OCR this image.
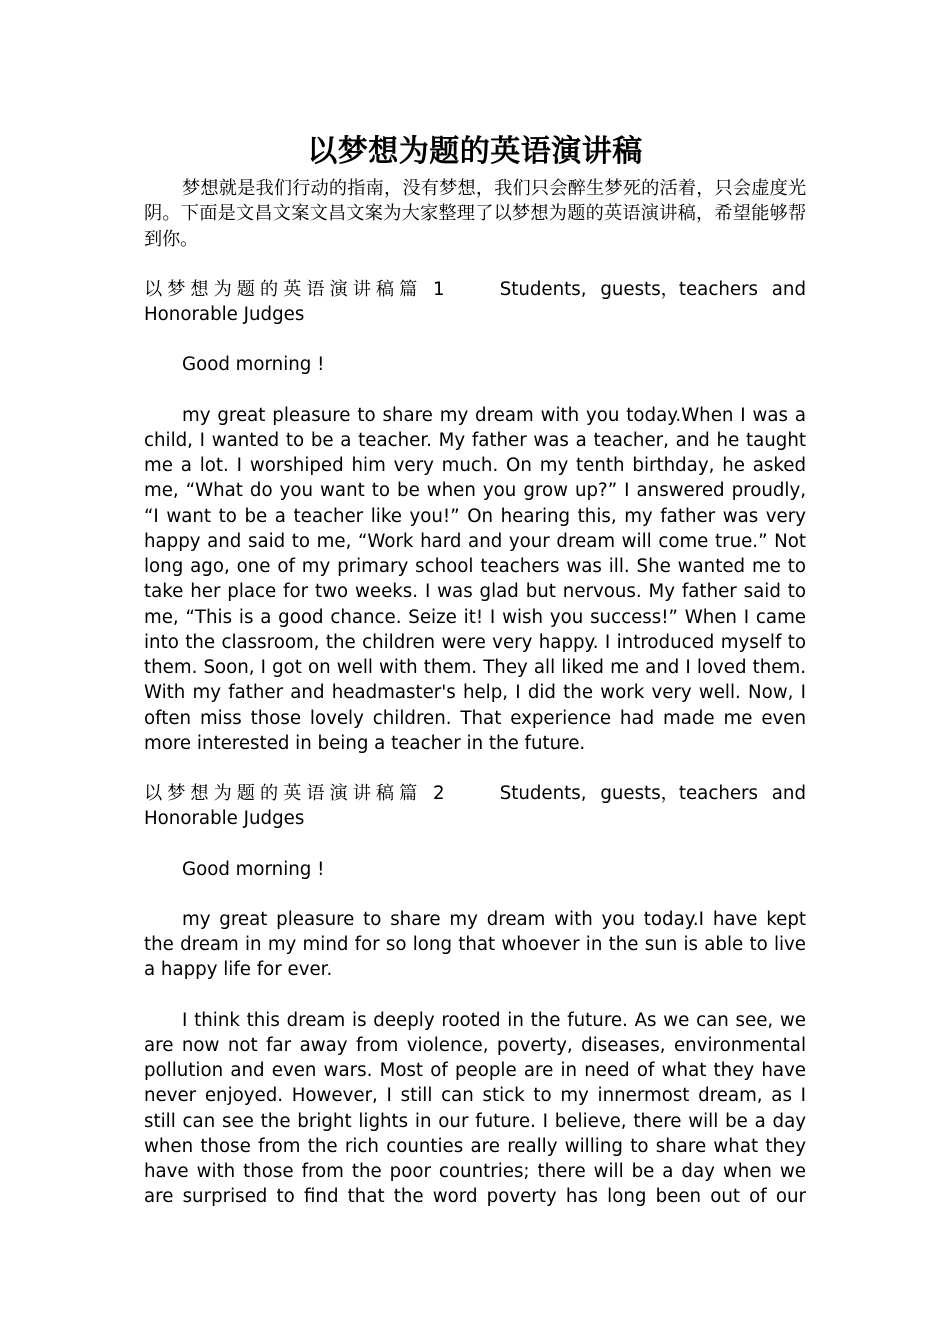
以梦想为题的英语演讲稿

梦想就是我们行动的指南，没有梦想，我们只会醉生梦死的活着，只会虚度光阴。下面是文昌文案文昌文案为大家整理了以梦想为题的英语演讲稿，希望能够帮到你。

以梦想为题的英语演讲稿篇 1	Students, guests，teachers and

Honorable Judges

Good morning !

my great pleasure to share my dream with you today.When I was a child, I wanted to be a teacher. My father was a teacher, and he taught me a lot. I worshiped him very much. On my tenth birthday, he asked me, “What do you want to be when you grow up?” I answered proudly, “I want to be a teacher like you!” On hearing this, my father was very happy and said to me, “Work hard and your dream will come true.” Not long ago, one of my primary school teachers was ill. She wanted me to take her place for two weeks. I was glad but nervous. My father said to me, “This is a good chance. Seize it! I wish you success!” When I came into the classroom, the children were very happy. I introduced myself to them. Soon, I got on well with them. They all liked me and I loved them. With my father and headmaster's help, I did the work very well. Now, I often miss those lovely children. That experience had made me even more interested in being a teacher in the future.

以梦想为题的英语演讲稿篇 2	Students, guests，teachers and

Honorable Judges

Good morning !

my great pleasure to share my dream with you today.I have kept the dream in my mind for so long that whoever in the sun is able to live a happy life for ever.

I think this dream is deeply rooted in the future. As we can see, we are now not far away from violence, poverty, diseases, environmental pollution and even wars. Most of people are in need of what they have never enjoyed. However, I still can stick to my innermost dream, as I still can see the bright lights in our future. I believe, there will be a day when those from the rich counties are really willing to share what they have with those from the poor countries; there will be a day when we are surprised to find that the word poverty has long been out of our
